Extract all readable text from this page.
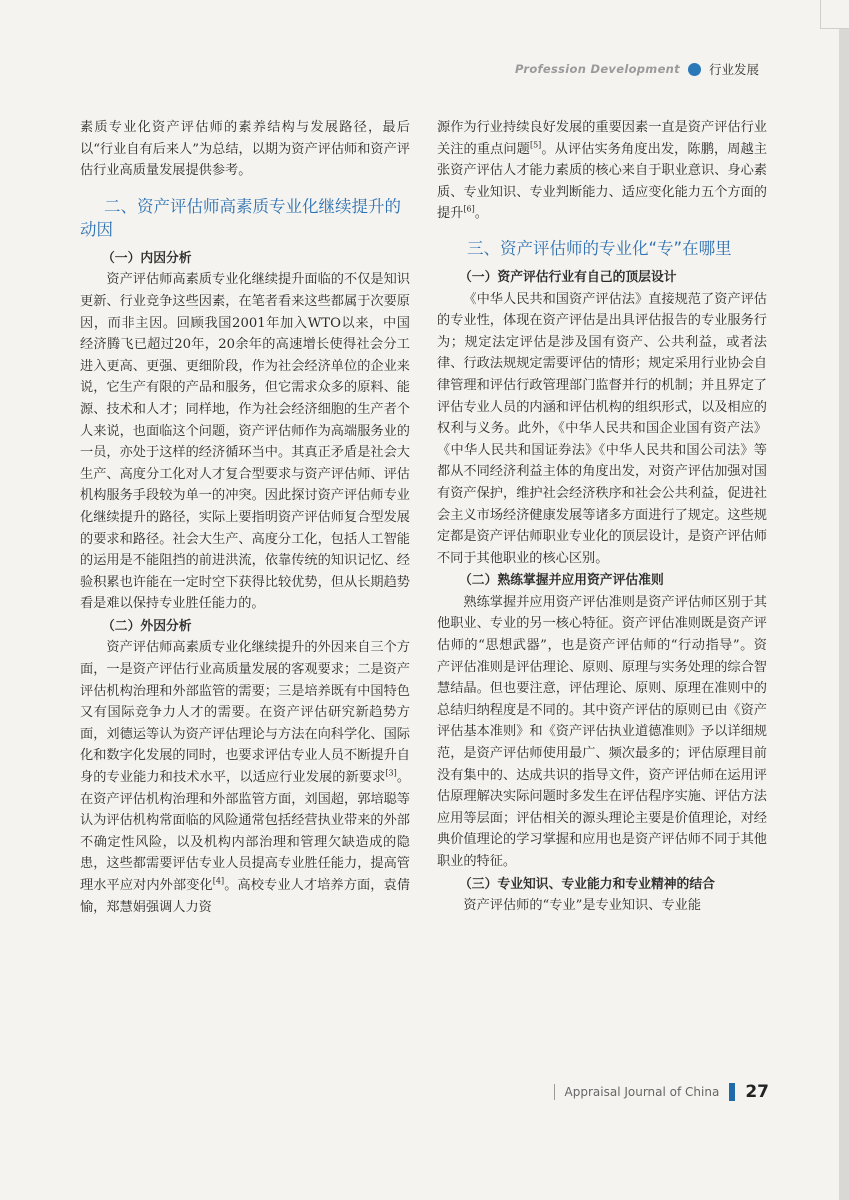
Profession Development 行业发展

素质专业化资产评估师的素养结构与发展路径，最后以“行业自有后来人”为总结，以期为资产评估师和资产评估行业高质量发展提供参考。

二、资产评估师高素质专业化继续提升的动因
（一）内因分析

资产评估师高素质专业化继续提升面临的不仅是知识更新、行业竞争这些因素，在笔者看来这些都属于次要原因，而非主因。回顾我国2001年加入WTO以来，中国经济腾飞已超过20年，20余年的高速增长使得社会分工进入更高、更强、更细阶段，作为社会经济单位的企业来说，它生产有限的产品和服务，但它需求众多的原料、能源、技术和人才；同样地，作为社会经济细胞的生产者个人来说，也面临这个问题，资产评估师作为高端服务业的一员，亦处于这样的经济循环当中。其真正矛盾是社会大生产、高度分工化对人才复合型要求与资产评估师、评估机构服务手段较为单一的冲突。因此探讨资产评估师专业化继续提升的路径，实际上要指明资产评估师复合型发展的要求和路径。社会大生产、高度分工化，包括人工智能的运用是不能阻挡的前进洪流，依靠传统的知识记忆、经验积累也许能在一定时空下获得比较优势，但从长期趋势看是难以保持专业胜任能力的。

（二）外因分析

资产评估师高素质专业化继续提升的外因来自三个方面，一是资产评估行业高质量发展的客观要求；二是资产评估机构治理和外部监管的需要；三是培养既有中国特色又有国际竞争力人才的需要。在资产评估研究新趋势方面，刘德运等认为资产评估理论与方法在向科学化、国际化和数字化发展的同时，也要求评估专业人员不断提升自身的专业能力和技术水平，以适应行业发展的新要求[3]。在资产评估机构治理和外部监管方面，刘国超，郭培聪等认为评估机构常面临的风险通常包括经营执业带来的外部不确定性风险，以及机构内部治理和管理欠缺造成的隐患，这些都需要评估专业人员提高专业胜任能力，提高管理水平应对内外部变化[4]。高校专业人才培养方面，袁倩愉，郑慧娟强调人力资

源作为行业持续良好发展的重要因素一直是资产评估行业关注的重点问题[5]。从评估实务角度出发，陈鹏，周越主张资产评估人才能力素质的核心来自于职业意识、身心素质、专业知识、专业判断能力、适应变化能力五个方面的提升[6]。

三、资产评估师的专业化“专”在哪里
（一）资产评估行业有自己的顶层设计

《中华人民共和国资产评估法》直接规范了资产评估的专业性，体现在资产评估是出具评估报告的专业服务行为；规定法定评估是涉及国有资产、公共利益，或者法律、行政法规规定需要评估的情形；规定采用行业协会自律管理和评估行政管理部门监督并行的机制；并且界定了评估专业人员的内涵和评估机构的组织形式，以及相应的权利与义务。此外，《中华人民共和国企业国有资产法》《中华人民共和国证券法》《中华人民共和国公司法》等都从不同经济利益主体的角度出发，对资产评估加强对国有资产保护，维护社会经济秩序和社会公共利益，促进社会主义市场经济健康发展等诸多方面进行了规定。这些规定都是资产评估师职业专业化的顶层设计，是资产评估师不同于其他职业的核心区别。

（二）熟练掌握并应用资产评估准则

熟练掌握并应用资产评估准则是资产评估师区别于其他职业、专业的另一核心特征。资产评估准则既是资产评估师的“思想武器”，也是资产评估师的“行动指导”。资产评估准则是评估理论、原则、原理与实务处理的综合智慧结晶。但也要注意，评估理论、原则、原理在准则中的总结归纳程度是不同的。其中资产评估的原则已由《资产评估基本准则》和《资产评估执业道德准则》予以详细规范，是资产评估师使用最广、频次最多的；评估原理目前没有集中的、达成共识的指导文件，资产评估师在运用评估原理解决实际问题时多发生在评估程序实施、评估方法应用等层面；评估相关的源头理论主要是价值理论，对经典价值理论的学习掌握和应用也是资产评估师不同于其他职业的特征。

（三）专业知识、专业能力和专业精神的结合

资产评估师的“专业”是专业知识、专业能

Appraisal Journal of China 27
